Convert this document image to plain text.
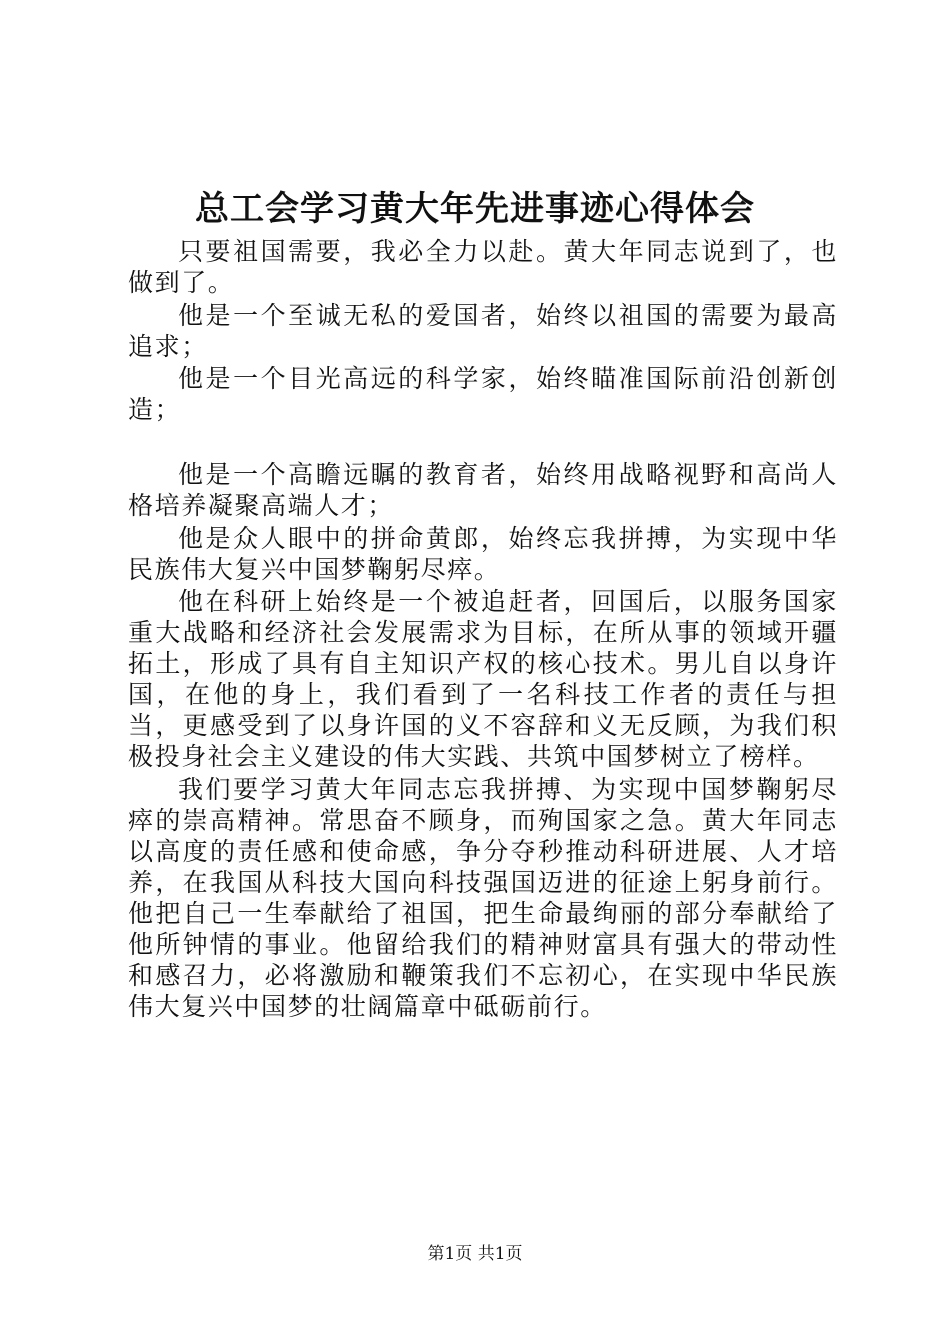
总工会学习黄大年先进事迹心得体会

只要祖国需要，我必全力以赴。黄大年同志说到了，也做到了。

他是一个至诚无私的爱国者，始终以祖国的需要为最高追求；

他是一个目光高远的科学家，始终瞄准国际前沿创新创造；

他是一个高瞻远瞩的教育者，始终用战略视野和高尚人格培养凝聚高端人才；

他是众人眼中的拼命黄郎，始终忘我拼搏，为实现中华民族伟大复兴中国梦鞠躬尽瘁。

他在科研上始终是一个被追赶者，回国后，以服务国家重大战略和经济社会发展需求为目标，在所从事的领域开疆拓土，形成了具有自主知识产权的核心技术。男儿自以身许国，在他的身上，我们看到了一名科技工作者的责任与担当，更感受到了以身许国的义不容辞和义无反顾，为我们积极投身社会主义建设的伟大实践、共筑中国梦树立了榜样。

我们要学习黄大年同志忘我拼搏、为实现中国梦鞠躬尽瘁的崇高精神。常思奋不顾身，而殉国家之急。黄大年同志以高度的责任感和使命感，争分夺秒推动科研进展、人才培养，在我国从科技大国向科技强国迈进的征途上躬身前行。他把自己一生奉献给了祖国，把生命最绚丽的部分奉献给了他所钟情的事业。他留给我们的精神财富具有强大的带动性和感召力，必将激励和鞭策我们不忘初心，在实现中华民族伟大复兴中国梦的壮阔篇章中砥砺前行。

第1页 共1页
